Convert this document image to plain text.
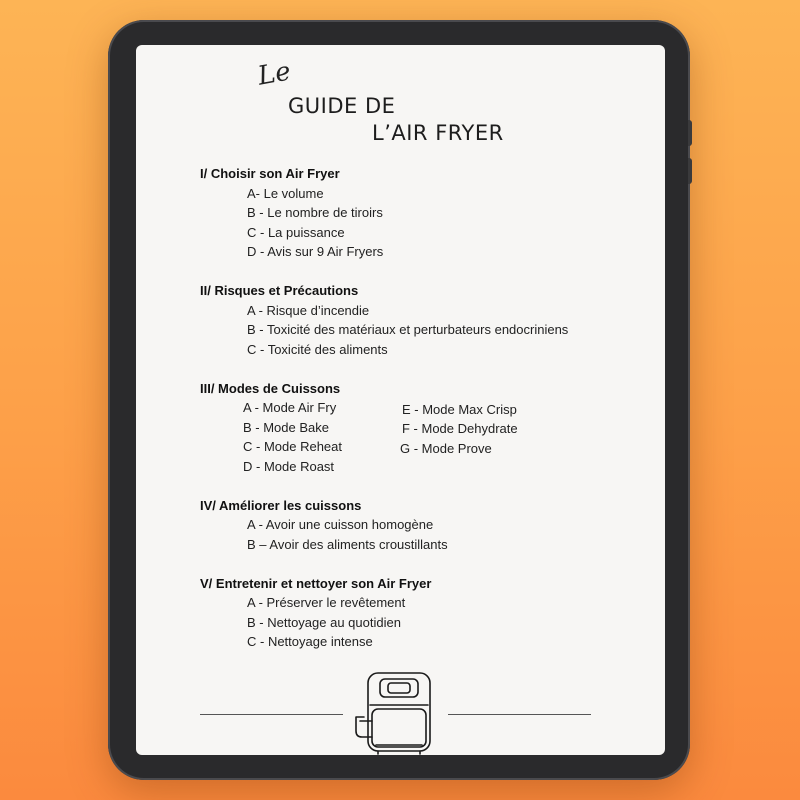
Le
GUIDE DE
L’AIR FRYER
I/ Choisir son Air Fryer
A- Le volume
B - Le nombre de tiroirs
C - La puissance
D - Avis sur 9 Air Fryers
II/ Risques et Précautions
A - Risque d’incendie
B - Toxicité des matériaux et perturbateurs endocriniens
C - Toxicité des aliments
III/ Modes de Cuissons
A - Mode Air Fry
B - Mode Bake
C - Mode Reheat
D - Mode Roast
E - Mode Max Crisp
F - Mode Dehydrate
G - Mode Prove
IV/ Améliorer les cuissons
A - Avoir une cuisson homogène
B – Avoir des aliments croustillants
V/ Entretenir et nettoyer son Air Fryer
A - Préserver le revêtement
B - Nettoyage au quotidien
C - Nettoyage intense
